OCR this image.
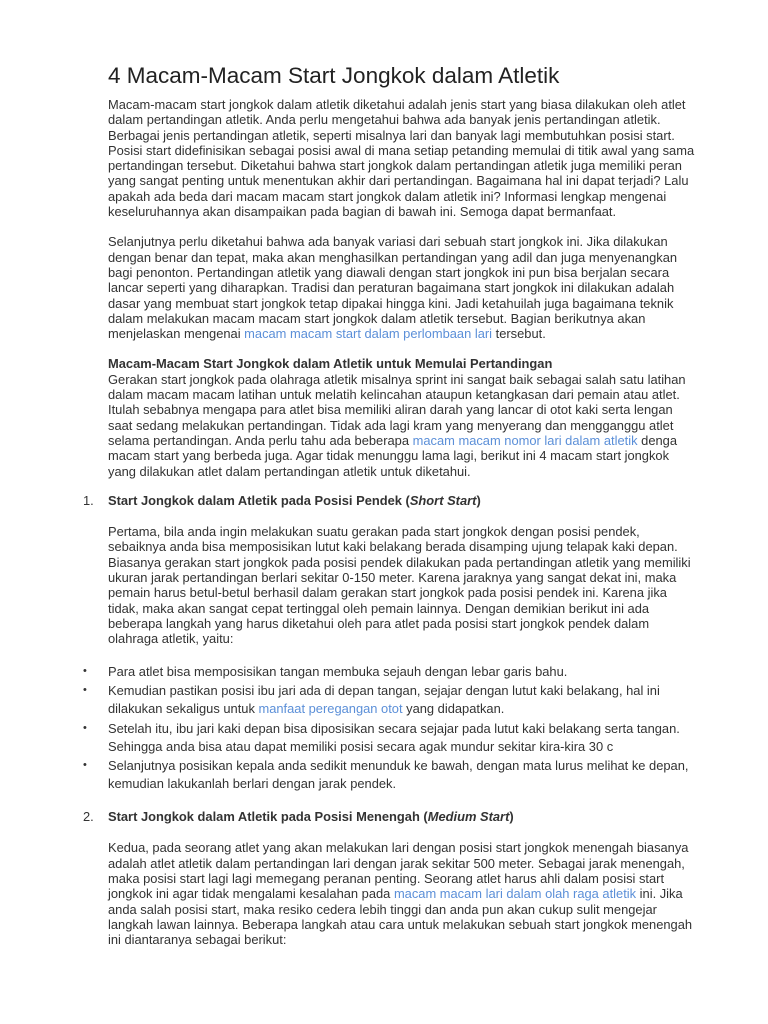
4 Macam-Macam Start Jongkok dalam Atletik

Macam-macam start jongkok dalam atletik diketahui adalah jenis start yang biasa dilakukan oleh atlet dalam pertandingan atletik. Anda perlu mengetahui bahwa ada banyak jenis pertandingan atletik. Berbagai jenis pertandingan atletik, seperti misalnya lari dan banyak lagi membutuhkan posisi start. Posisi start didefinisikan sebagai posisi awal di mana setiap petanding memulai di titik awal yang sama pertandingan tersebut. Diketahui bahwa start jongkok dalam pertandingan atletik juga memiliki peran yang sangat penting untuk menentukan akhir dari pertandingan. Bagaimana hal ini dapat terjadi? Lalu apakah ada beda dari macam macam start jongkok dalam atletik ini? Informasi lengkap mengenai keseluruhannya akan disampaikan pada bagian di bawah ini. Semoga dapat bermanfaat.

Selanjutnya perlu diketahui bahwa ada banyak variasi dari sebuah start jongkok ini. Jika dilakukan dengan benar dan tepat, maka akan menghasilkan pertandingan yang adil dan juga menyenangkan bagi penonton. Pertandingan atletik yang diawali dengan start jongkok ini pun bisa berjalan secara lancar seperti yang diharapkan. Tradisi dan peraturan bagaimana start jongkok ini dilakukan adalah dasar yang membuat start jongkok tetap dipakai hingga kini. Jadi ketahuilah juga bagaimana teknik dalam melakukan macam macam start jongkok dalam atletik tersebut. Bagian berikutnya akan menjelaskan mengenai macam macam start dalam perlombaan lari tersebut.

Macam-Macam Start Jongkok dalam Atletik untuk Memulai Pertandingan

Gerakan start jongkok pada olahraga atletik misalnya sprint ini sangat baik sebagai salah satu latihan dalam macam macam latihan untuk melatih kelincahan ataupun ketangkasan dari pemain atau atlet. Itulah sebabnya mengapa para atlet bisa memiliki aliran darah yang lancar di otot kaki serta lengan saat sedang melakukan pertandingan. Tidak ada lagi kram yang menyerang dan mengganggu atlet selama pertandingan. Anda perlu tahu ada beberapa macam macam nomor lari dalam atletik denga macam start yang berbeda juga. Agar tidak menunggu lama lagi, berikut ini 4 macam start jongkok yang dilakukan atlet dalam pertandingan atletik untuk diketahui.

1. Start Jongkok dalam Atletik pada Posisi Pendek (Short Start)

Pertama, bila anda ingin melakukan suatu gerakan pada start jongkok dengan posisi pendek, sebaiknya anda bisa memposisikan lutut kaki belakang berada disamping ujung telapak kaki depan. Biasanya gerakan start jongkok pada posisi pendek dilakukan pada pertandingan atletik yang memiliki ukuran jarak pertandingan berlari sekitar 0-150 meter. Karena jaraknya yang sangat dekat ini, maka pemain harus betul-betul berhasil dalam gerakan start jongkok pada posisi pendek ini. Karena jika tidak, maka akan sangat cepat tertinggal oleh pemain lainnya. Dengan demikian berikut ini ada beberapa langkah yang harus diketahui oleh para atlet pada posisi start jongkok pendek dalam olahraga atletik, yaitu:

• Para atlet bisa memposisikan tangan membuka sejauh dengan lebar garis bahu.
• Kemudian pastikan posisi ibu jari ada di depan tangan, sejajar dengan lutut kaki belakang, hal ini dilakukan sekaligus untuk manfaat peregangan otot yang didapatkan.
• Setelah itu, ibu jari kaki depan bisa diposisikan secara sejajar pada lutut kaki belakang serta tangan. Sehingga anda bisa atau dapat memiliki posisi secara agak mundur sekitar kira-kira 30 c
• Selanjutnya posisikan kepala anda sedikit menunduk ke bawah, dengan mata lurus melihat ke depan, kemudian lakukanlah berlari dengan jarak pendek.

2. Start Jongkok dalam Atletik pada Posisi Menengah (Medium Start)

Kedua, pada seorang atlet yang akan melakukan lari dengan posisi start jongkok menengah biasanya adalah atlet atletik dalam pertandingan lari dengan jarak sekitar 500 meter. Sebagai jarak menengah, maka posisi start lagi lagi memegang peranan penting. Seorang atlet harus ahli dalam posisi start jongkok ini agar tidak mengalami kesalahan pada macam macam lari dalam olah raga atletik ini. Jika anda salah posisi start, maka resiko cedera lebih tinggi dan anda pun akan cukup sulit mengejar langkah lawan lainnya. Beberapa langkah atau cara untuk melakukan sebuah start jongkok menengah ini diantaranya sebagai berikut:
